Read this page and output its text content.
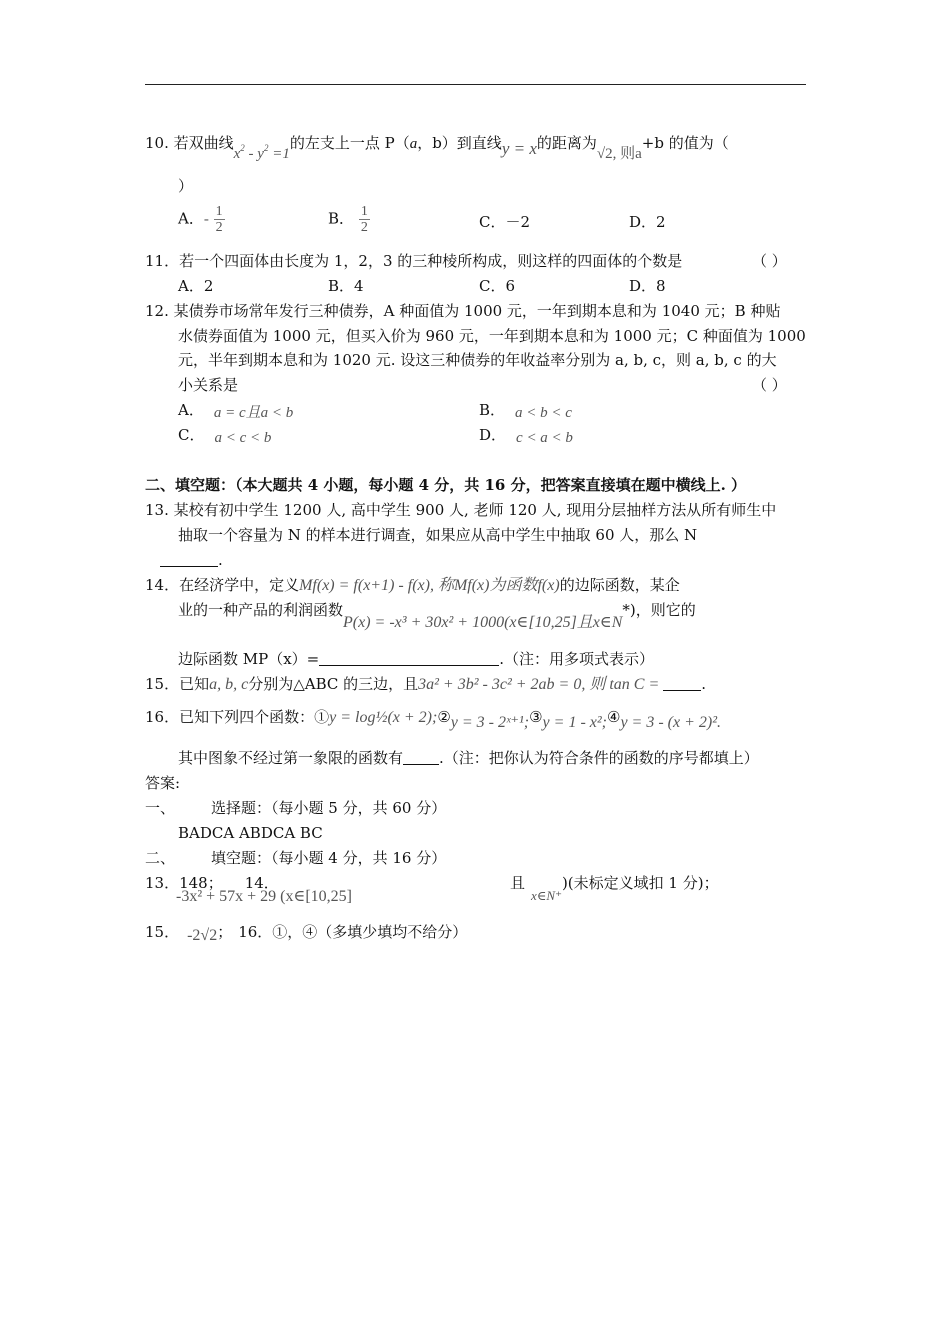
10. 若双曲线$x^2 - y^2 =1$的左支上一点 P（a，b）到直线y = x的距离为√2, 则a+b 的值为（
）
A．- $\frac{1}{2}$	B． $\frac{1}{2}$	C．－2	D．2
11．若一个四面体由长度为 1，2，3 的三种棱所构成，则这样的四面体的个数是	（ ）
A．2	B．4	C．6	D．8
12. 某债券市场常年发行三种债券，A 种面值为 1000 元，一年到期本息和为 1040 元；B 种贴
水债券面值为 1000 元，但买入价为 960 元，一年到期本息和为 1000 元；C 种面值为 1000
元，半年到期本息和为 1020 元. 设这三种债券的年收益率分别为 a, b, c，则 a, b, c 的大
小关系是	（ ）
A． a = c且a < b	B． a < b < c
C． a < c < b	D． c < a < b
二、填空题：（本大题共 4 小题，每小题 4 分，共 16 分，把答案直接填在题中横线上. ）
13. 某校有初中学生 1200 人, 高中学生 900 人, 老师 120 人, 现用分层抽样方法从所有师生中
抽取一个容量为 N 的样本进行调查，如果应从高中学生中抽取 60 人，那么 N
.
14．在经济学中，定义Mf(x) = f(x+1) - f(x), 称Mf(x)为函数f(x)的边际函数，某企
业的一种产品的利润函数P(x) = -x³ + 30x² + 1000(x∈[10,25]且x∈N*)，则它的
边际函数 MP（x）=	.（注：用多项式表示）
15．已知a, b, c分别为△ABC 的三边，且3a² + 3b² - 3c² + 2ab = 0, 则 tan C =	.
16．已知下列四个函数：①y = log½(x + 2);②y = 3 - 2ˣ⁺¹;③y = 1 - x²;④y = 3 - (x + 2)².
其中图象不经过第一象限的函数有 .（注：把你认为符合条件的函数的序号都填上）
答案:
一、 选择题：（每小题 5 分，共 60 分）
BADCA ABDCA BC
二、 填空题：（每小题 4 分，共 16 分）
13．148； 14．
-3x² + 57x + 29 (x∈[10,25]
且x∈N⁺)(未标定义域扣 1 分)；
15． -2√2； 16．①，④（多填少填均不给分）
